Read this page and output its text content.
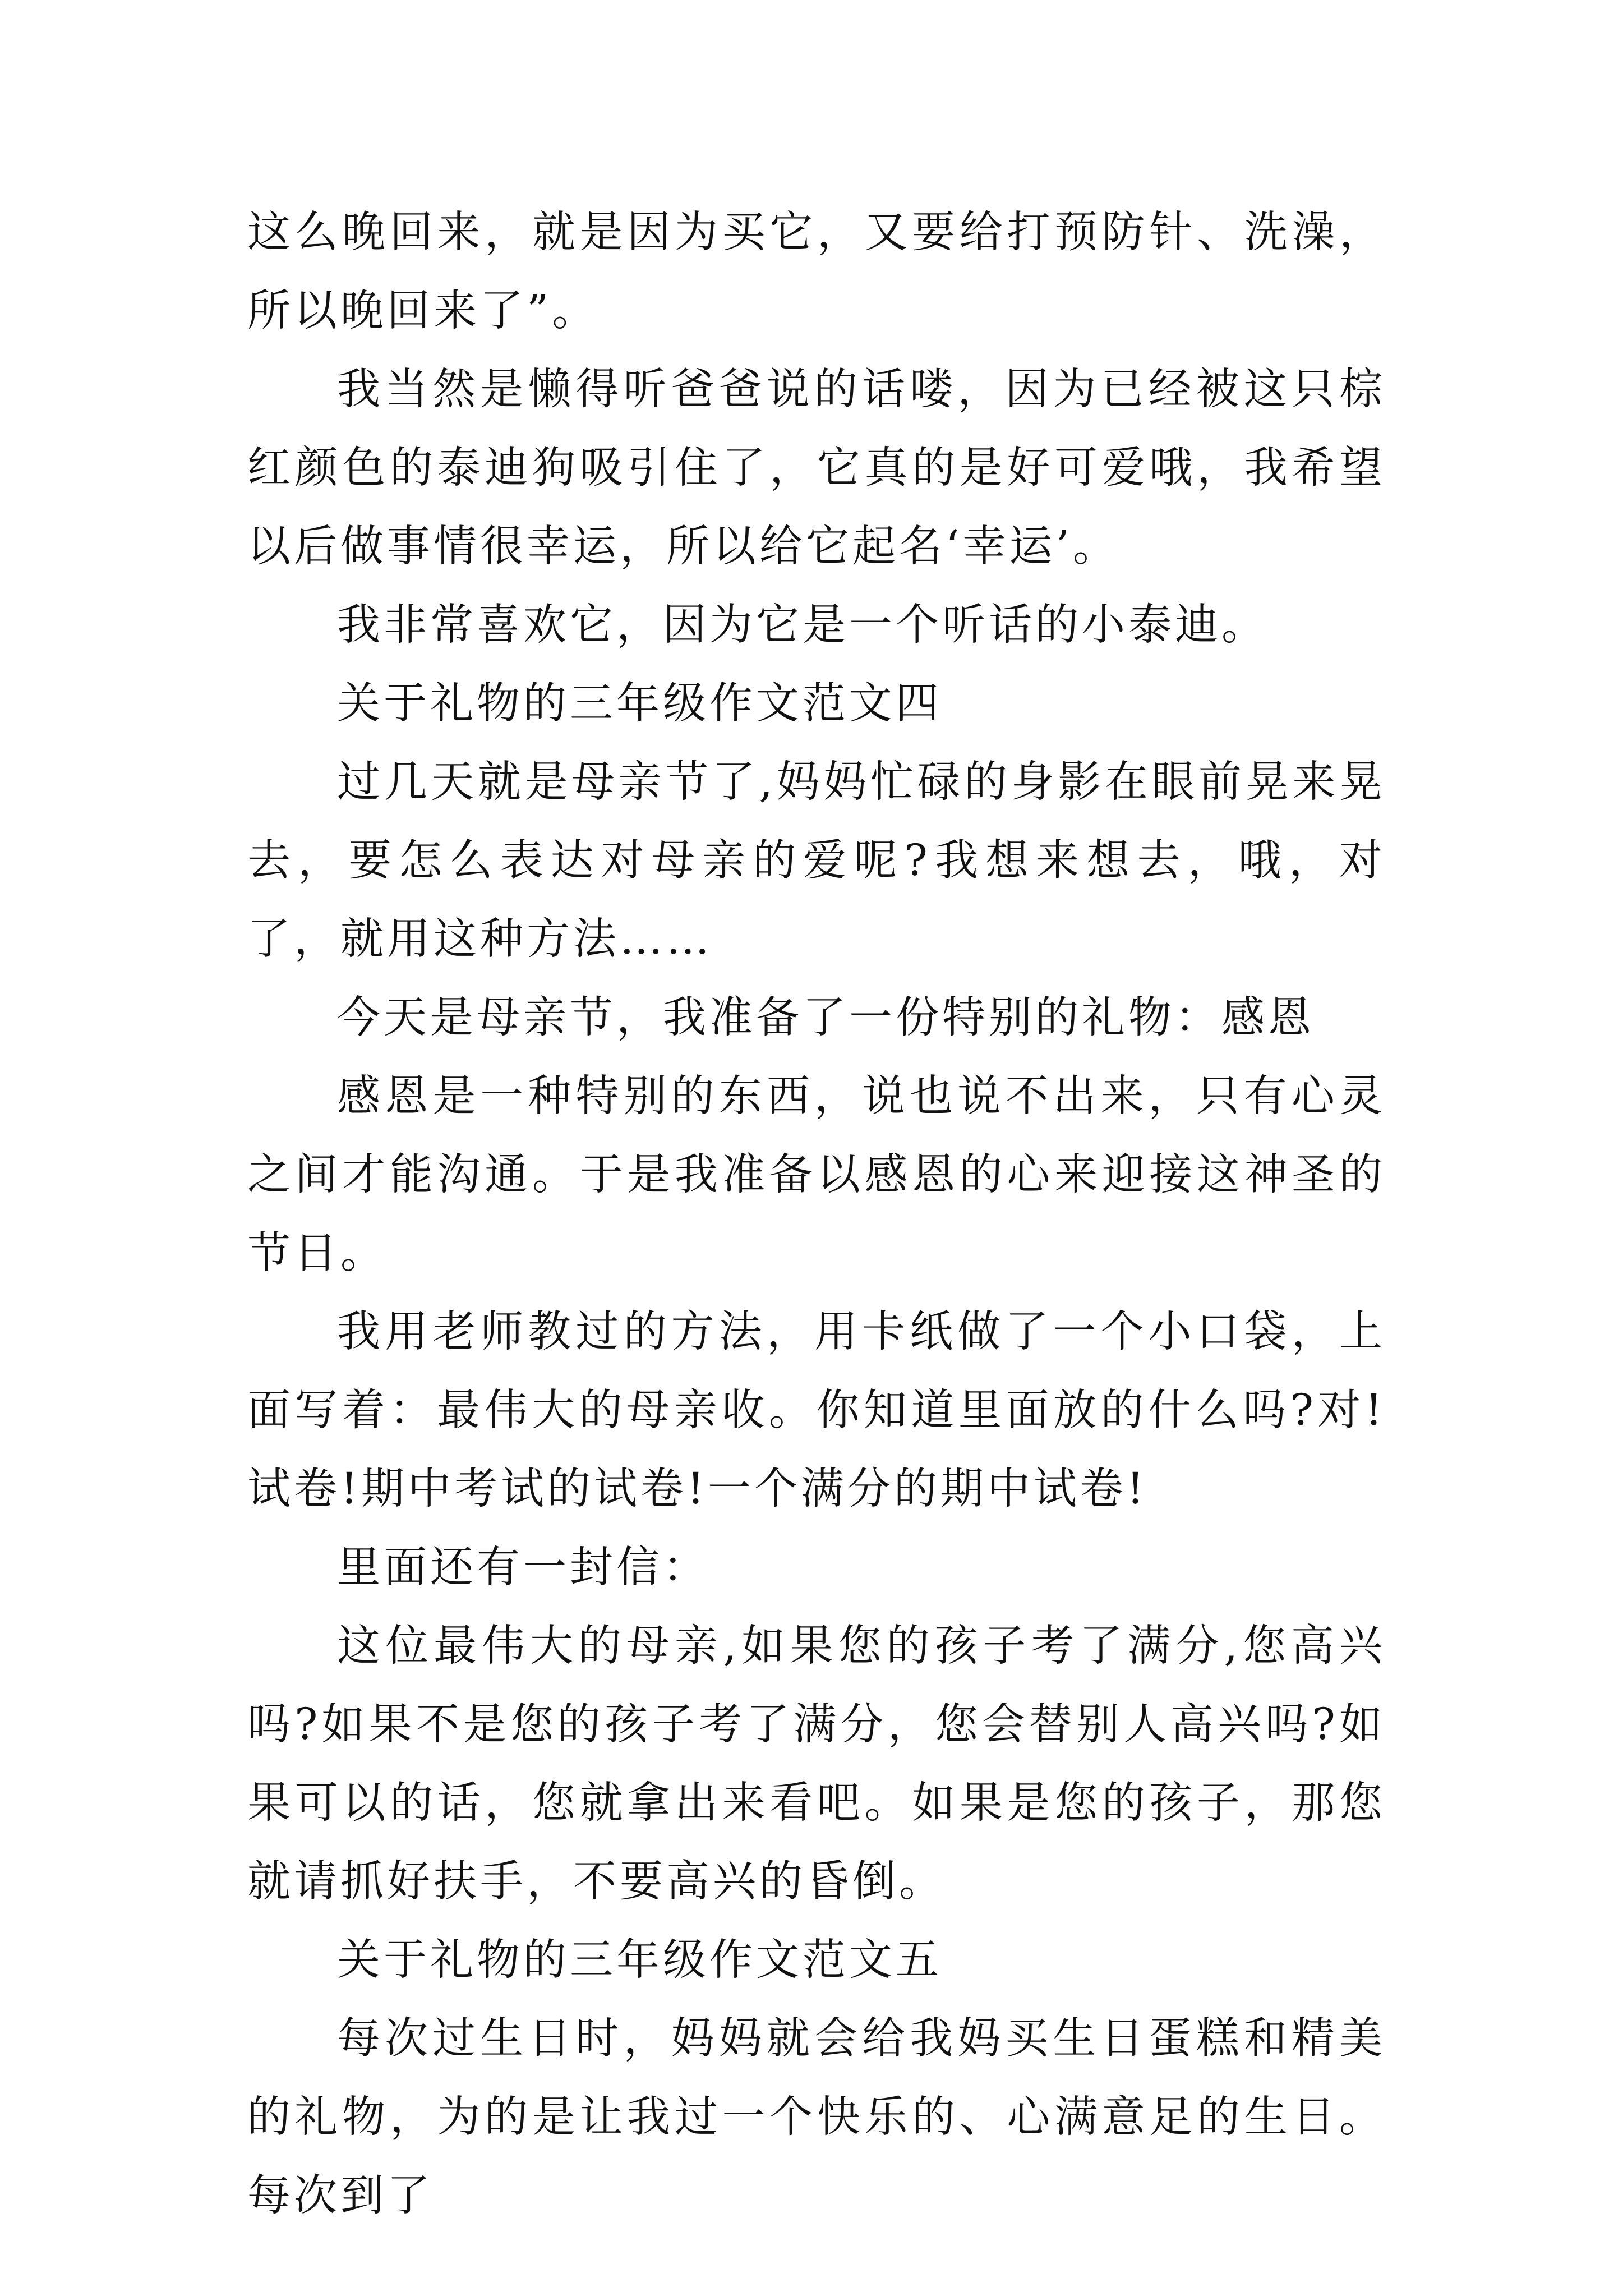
这么晚回来，就是因为买它，又要给打预防针、洗澡，所以晚回来了”。

我当然是懒得听爸爸说的话喽，因为已经被这只棕红颜色的泰迪狗吸引住了，它真的是好可爱哦，我希望以后做事情很幸运，所以给它起名‘幸运’。

我非常喜欢它，因为它是一个听话的小泰迪。

关于礼物的三年级作文范文四

过几天就是母亲节了,妈妈忙碌的身影在眼前晃来晃去，要怎么表达对母亲的爱呢?我想来想去，哦，对了，就用这种方法……

今天是母亲节，我准备了一份特别的礼物：感恩

感恩是一种特别的东西，说也说不出来，只有心灵之间才能沟通。于是我准备以感恩的心来迎接这神圣的节日。

我用老师教过的方法，用卡纸做了一个小口袋，上面写着：最伟大的母亲收。你知道里面放的什么吗?对!试卷!期中考试的试卷!一个满分的期中试卷!

里面还有一封信：

这位最伟大的母亲,如果您的孩子考了满分,您高兴吗?如果不是您的孩子考了满分，您会替别人高兴吗?如果可以的话，您就拿出来看吧。如果是您的孩子，那您就请抓好扶手，不要高兴的昏倒。

关于礼物的三年级作文范文五

每次过生日时，妈妈就会给我妈买生日蛋糕和精美的礼物，为的是让我过一个快乐的、心满意足的生日。每次到了
